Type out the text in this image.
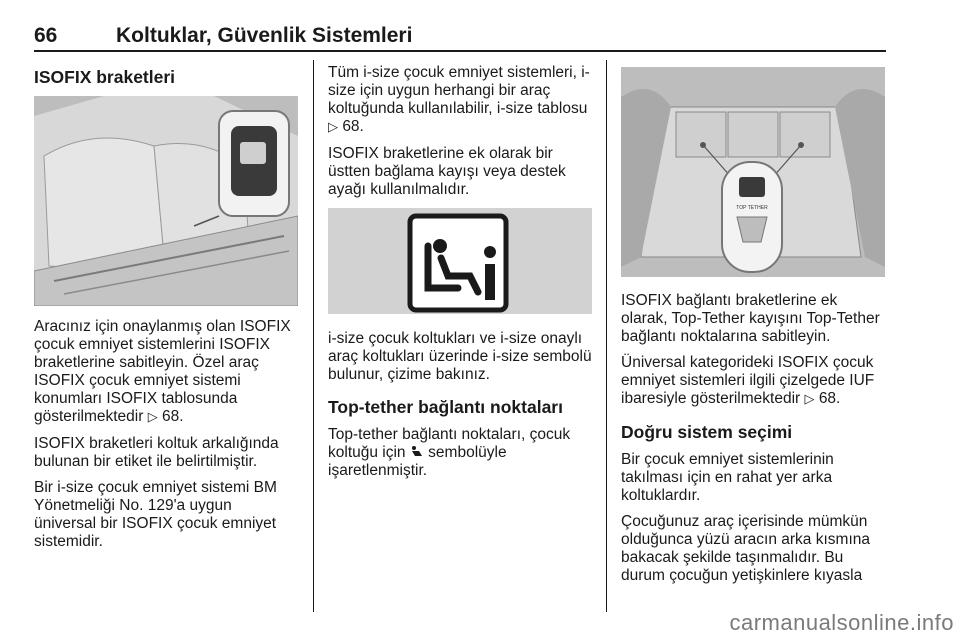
66	Koltuklar, Güvenlik Sistemleri
ISOFIX braketleri

Aracınız için onaylanmış olan ISOFIX çocuk emniyet sistemlerini ISOFIX braketlerine sabitleyin. Özel araç ISOFIX çocuk emniyet sistemi konumları ISOFIX tablosunda gösterilmektedir ▷ 68.

ISOFIX braketleri koltuk arkalığında bulunan bir etiket ile belirtilmiştir.

Bir i-size çocuk emniyet sistemi BM Yönetmeliği No. 129'a uygun üniversal bir ISOFIX çocuk emniyet sistemidir.

Tüm i-size çocuk emniyet sistemleri, i-size için uygun herhangi bir araç koltuğunda kullanılabilir, i-size tablosu ▷ 68.

ISOFIX braketlerine ek olarak bir üstten bağlama kayışı veya destek ayağı kullanılmalıdır.

i-size çocuk koltukları ve i-size onaylı araç koltukları üzerinde i-size sembolü bulunur, çizime bakınız.

Top-tether bağlantı noktaları

Top-tether bağlantı noktaları, çocuk koltuğu için sembolüyle işaretlenmiştir.

TOP TETHER

ISOFIX bağlantı braketlerine ek olarak, Top-Tether kayışını Top-Tether bağlantı noktalarına sabitleyin.

Üniversal kategorideki ISOFIX çocuk emniyet sistemleri ilgili çizelgede IUF ibaresiyle gösterilmektedir ▷ 68.

Doğru sistem seçimi

Bir çocuk emniyet sistemlerinin takılması için en rahat yer arka koltuklardır.

Çocuğunuz araç içerisinde mümkün olduğunca yüzü aracın arka kısmına bakacak şekilde taşınmalıdır. Bu durum çocuğun yetişkinlere kıyasla

carmanualsonline.info
